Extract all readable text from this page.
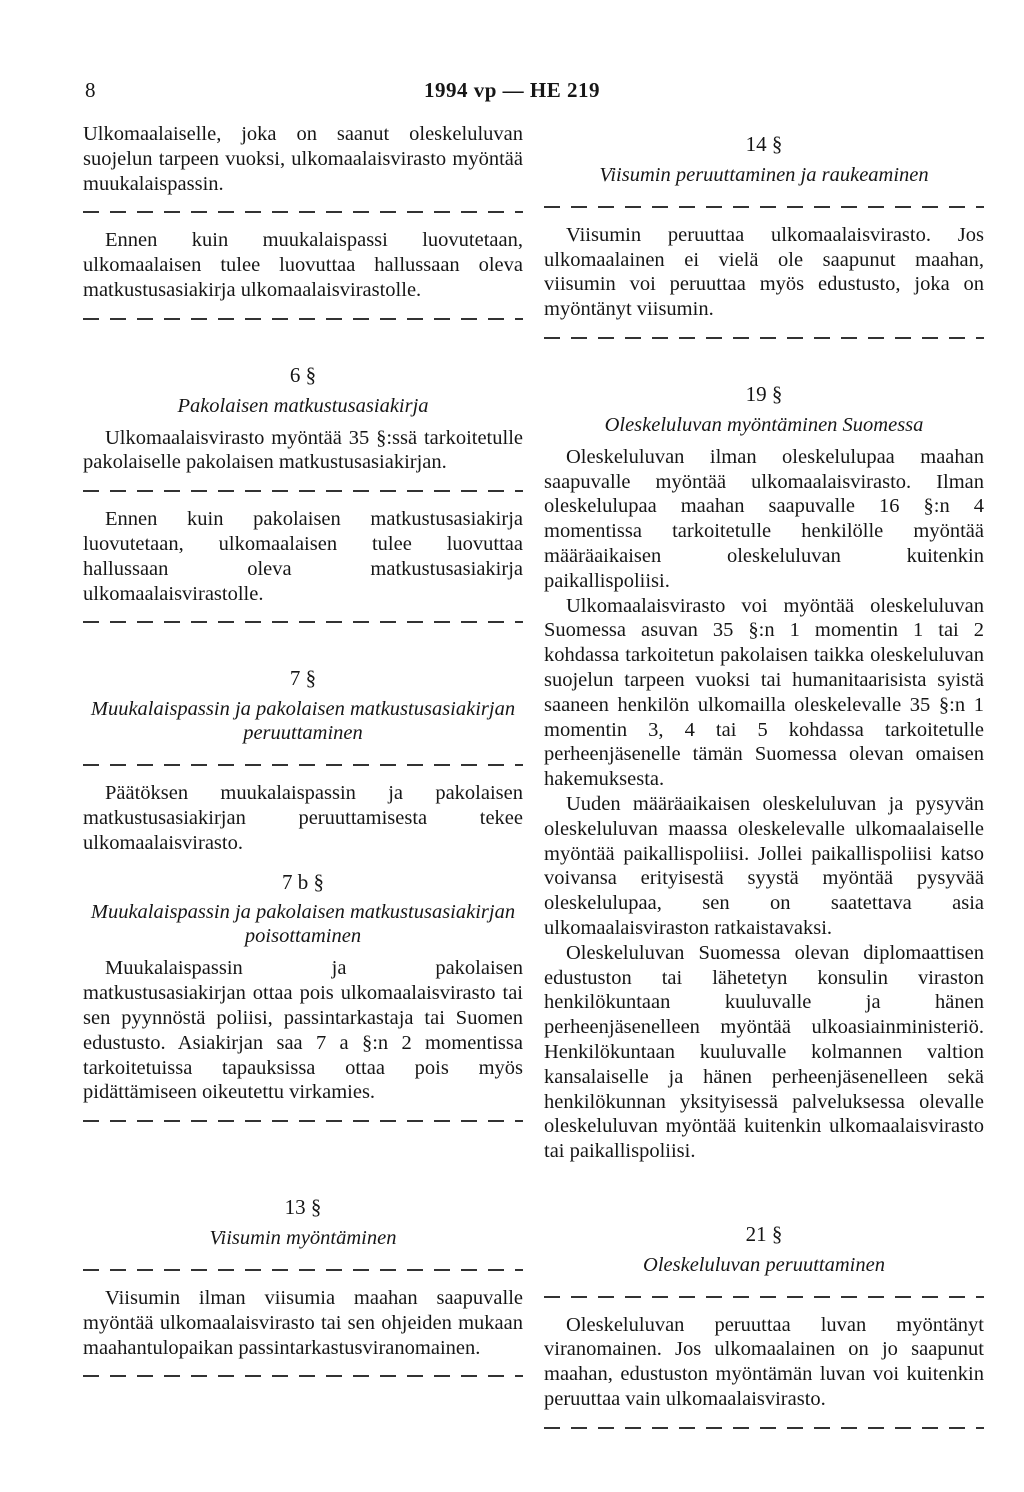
8	1994 vp — HE 219

Ulkomaalaiselle, joka on saanut oleskeluluvan suojelun tarpeen vuoksi, ulkomaalaisvirasto myöntää muukalaispassin.

Ennen kuin muukalaispassi luovutetaan, ulkomaalaisen tulee luovuttaa hallussaan oleva matkustusasiakirja ulkomaalaisvirastolle.

6 §

Pakolaisen matkustusasiakirja

Ulkomaalaisvirasto myöntää 35 §:ssä tarkoitetulle pakolaiselle pakolaisen matkustusasiakirjan.

Ennen kuin pakolaisen matkustusasiakirja luovutetaan, ulkomaalaisen tulee luovuttaa hallussaan oleva matkustusasiakirja ulkomaalaisvirastolle.

7 §

Muukalaispassin ja pakolaisen matkustusasiakirjan peruuttaminen

Päätöksen muukalaispassin ja pakolaisen matkustusasiakirjan peruuttamisesta tekee ulkomaalaisvirasto.

7 b §

Muukalaispassin ja pakolaisen matkustusasiakirjan poisottaminen

Muukalaispassin ja pakolaisen matkustusasiakirjan ottaa pois ulkomaalaisvirasto tai sen pyynnöstä poliisi, passintarkastaja tai Suomen edustusto. Asiakirjan saa 7 a §:n 2 momentissa tarkoitetuissa tapauksissa ottaa pois myös pidättämiseen oikeutettu virkamies.

13 §

Viisumin myöntäminen

Viisumin ilman viisumia maahan saapuvalle myöntää ulkomaalaisvirasto tai sen ohjeiden mukaan maahantulopaikan passintarkastusviranomainen.

14 §

Viisumin peruuttaminen ja raukeaminen

Viisumin peruuttaa ulkomaalaisvirasto. Jos ulkomaalainen ei vielä ole saapunut maahan, viisumin voi peruuttaa myös edustusto, joka on myöntänyt viisumin.

19 §

Oleskeluluvan myöntäminen Suomessa

Oleskeluluvan ilman oleskelulupaa maahan saapuvalle myöntää ulkomaalaisvirasto. Ilman oleskelulupaa maahan saapuvalle 16 §:n 4 momentissa tarkoitetulle henkilölle myöntää määräaikaisen oleskeluluvan kuitenkin paikallispoliisi.

Ulkomaalaisvirasto voi myöntää oleskeluluvan Suomessa asuvan 35 §:n 1 momentin 1 tai 2 kohdassa tarkoitetun pakolaisen taikka oleskeluluvan suojelun tarpeen vuoksi tai humanitaarisista syistä saaneen henkilön ulkomailla oleskelevalle 35 §:n 1 momentin 3, 4 tai 5 kohdassa tarkoitetulle perheenjäsenelle tämän Suomessa olevan omaisen hakemuksesta.

Uuden määräaikaisen oleskeluluvan ja pysyvän oleskeluluvan maassa oleskelevalle ulkomaalaiselle myöntää paikallispoliisi. Jollei paikallispoliisi katso voivansa erityisestä syystä myöntää pysyvää oleskelulupaa, sen on saatettava asia ulkomaalaisviraston ratkaistavaksi.

Oleskeluluvan Suomessa olevan diplomaattisen edustuston tai lähetetyn konsulin viraston henkilökuntaan kuuluvalle ja hänen perheenjäsenelleen myöntää ulkoasiainministeriö. Henkilökuntaan kuuluvalle kolmannen valtion kansalaiselle ja hänen perheenjäsenelleen sekä henkilökunnan yksityisessä palveluksessa olevalle oleskeluluvan myöntää kuitenkin ulkomaalaisvirasto tai paikallispoliisi.

21 §

Oleskeluluvan peruuttaminen

Oleskeluluvan peruuttaa luvan myöntänyt viranomainen. Jos ulkomaalainen on jo saapunut maahan, edustuston myöntämän luvan voi kuitenkin peruuttaa vain ulkomaalaisvirasto.
